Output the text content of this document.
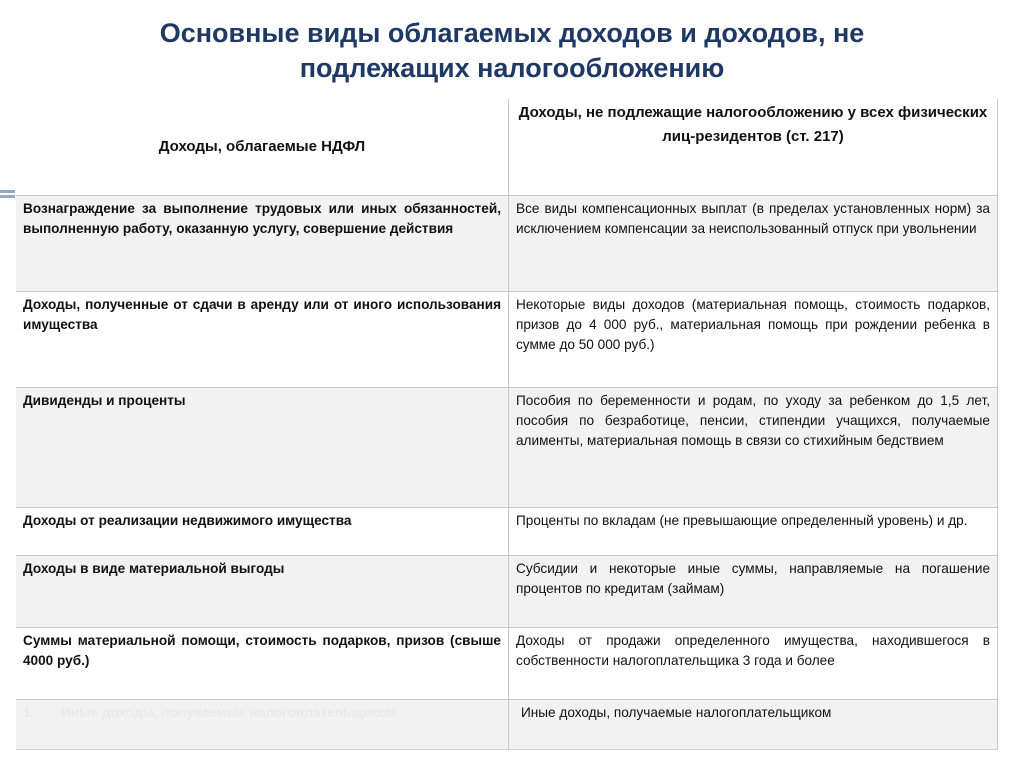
Основные виды облагаемых доходов и доходов, не
подлежащих налогообложению
Доходы, облагаемые НДФЛ	Доходы, не подлежащие налогообложению у всех физических лиц-резидентов (ст. 217)
Вознаграждение за выполнение трудовых или иных обязанностей, выполненную работу, оказанную услугу, совершение действия	Все виды компенсационных выплат (в пределах установленных норм) за исключением компенсации за неиспользованный отпуск при увольнении
Доходы, полученные от сдачи в аренду или от иного использования имущества	Некоторые виды доходов (материальная помощь, стоимость подарков, призов до 4 000 руб., материальная помощь при рождении ребенка в сумме до 50 000 руб.)
Дивиденды и проценты	Пособия по беременности и родам, по уходу за ребенком до 1,5 лет, пособия по безработице, пенсии, стипендии учащихся, получаемые алименты, материальная помощь в связи со стихийным бедствием
Доходы от реализации недвижимого имущества	Проценты по вкладам (не превышающие определенный уровень) и др.
Доходы в виде материальной выгоды	Субсидии и некоторые иные суммы, направляемые на погашение процентов по кредитам (займам)
Суммы материальной помощи, стоимость подарков, призов (свыше 4000 руб.)	Доходы от продажи определенного имущества, находившегося в собственности налогоплательщика 3 года и более
1. Иные доходы, получаемые налогоплательщиком	Иные доходы, получаемые налогоплательщиком
